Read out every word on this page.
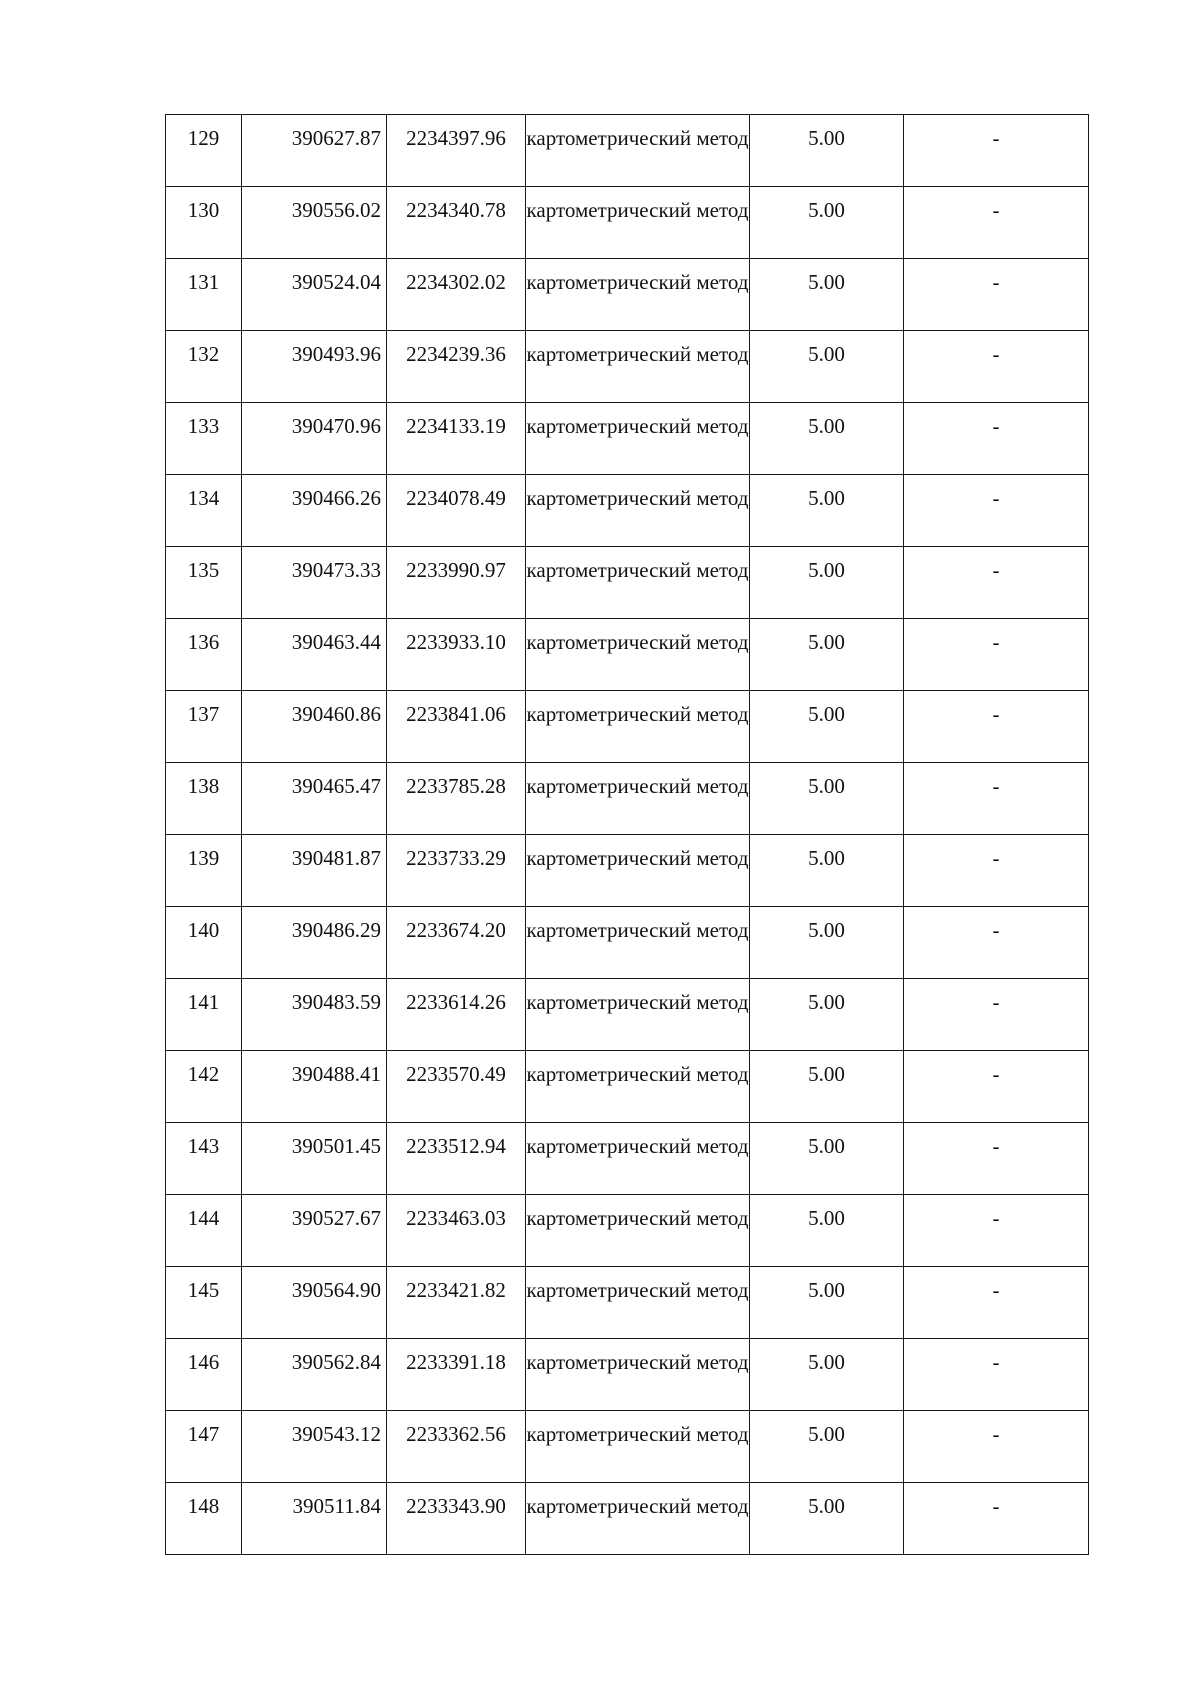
129	390627.87	2234397.96	картометрический метод	5.00	-

130	390556.02	2234340.78	картометрический метод	5.00	-

131	390524.04	2234302.02	картометрический метод	5.00	-

132	390493.96	2234239.36	картометрический метод	5.00	-

133	390470.96	2234133.19	картометрический метод	5.00	-

134	390466.26	2234078.49	картометрический метод	5.00	-

135	390473.33	2233990.97	картометрический метод	5.00	-

136	390463.44	2233933.10	картометрический метод	5.00	-

137	390460.86	2233841.06	картометрический метод	5.00	-

138	390465.47	2233785.28	картометрический метод	5.00	-

139	390481.87	2233733.29	картометрический метод	5.00	-

140	390486.29	2233674.20	картометрический метод	5.00	-

141	390483.59	2233614.26	картометрический метод	5.00	-

142	390488.41	2233570.49	картометрический метод	5.00	-

143	390501.45	2233512.94	картометрический метод	5.00	-

144	390527.67	2233463.03	картометрический метод	5.00	-

145	390564.90	2233421.82	картометрический метод	5.00	-

146	390562.84	2233391.18	картометрический метод	5.00	-

147	390543.12	2233362.56	картометрический метод	5.00	-

148	390511.84	2233343.90	картометрический метод	5.00	-
